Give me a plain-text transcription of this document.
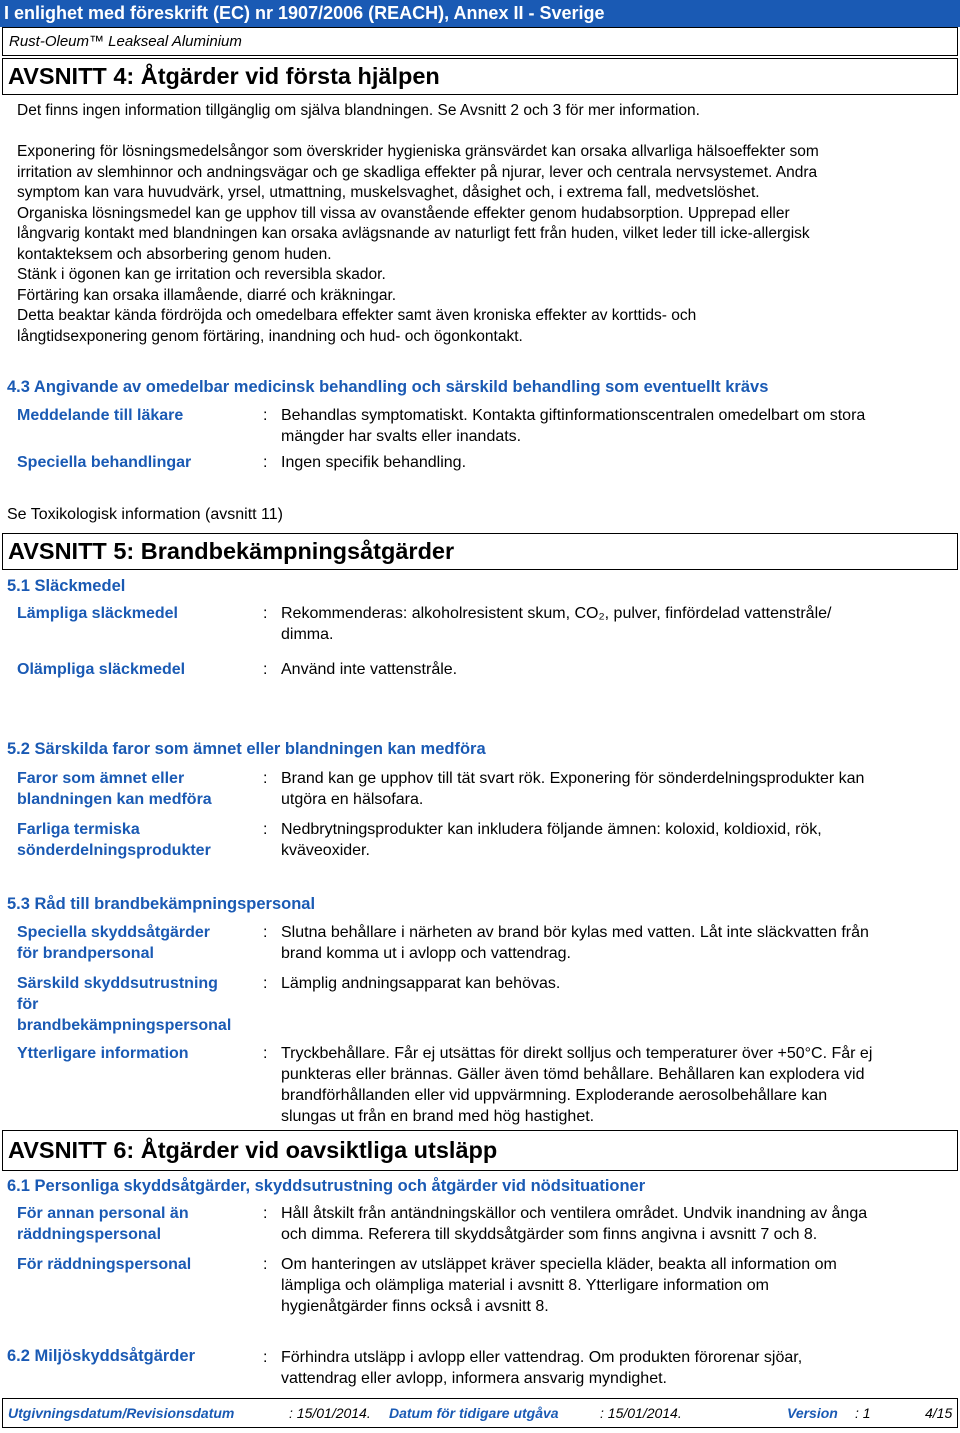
I enlighet med föreskrift (EC) nr 1907/2006 (REACH), Annex II - Sverige
Rust-Oleum™ Leakseal Aluminium
AVSNITT 4: Åtgärder vid första hjälpen
Det finns ingen information tillgänglig om själva blandningen. Se Avsnitt 2 och 3 för mer information.
Exponering för lösningsmedelsångor som överskrider hygieniska gränsvärdet kan orsaka allvarliga hälsoeffekter som
irritation av slemhinnor och andningsvägar och ge skadliga effekter på njurar, lever och centrala nervsystemet. Andra
symptom kan vara huvudvärk, yrsel, utmattning, muskelsvaghet, dåsighet och, i extrema fall, medvetslöshet.
Organiska lösningsmedel kan ge upphov till vissa av ovanstående effekter genom hudabsorption. Upprepad eller
långvarig kontakt med blandningen kan orsaka avlägsnande av naturligt fett från huden, vilket leder till icke-allergisk
kontakteksem och absorbering genom huden.
Stänk i ögonen kan ge irritation och reversibla skador.
Förtäring kan orsaka illamående, diarré och kräkningar.
Detta beaktar kända fördröjda och omedelbara effekter samt även kroniska effekter av korttids- och
långtidsexponering genom förtäring, inandning och hud- och ögonkontakt.
4.3 Angivande av omedelbar medicinsk behandling och särskild behandling som eventuellt krävs
Meddelande till läkare	: Behandlas symptomatiskt. Kontakta giftinformationscentralen omedelbart om stora
mängder har svalts eller inandats.
Speciella behandlingar	: Ingen specifik behandling.
Se Toxikologisk information (avsnitt 11)
AVSNITT 5: Brandbekämpningsåtgärder
5.1 Släckmedel
Lämpliga släckmedel	: Rekommenderas: alkoholresistent skum, CO₂, pulver, finfördelad vattenstråle/
dimma.
Olämpliga släckmedel	: Använd inte vattenstråle.
5.2 Särskilda faror som ämnet eller blandningen kan medföra
Faror som ämnet eller
blandningen kan medföra
: Brand kan ge upphov till tät svart rök. Exponering för sönderdelningsprodukter kan
utgöra en hälsofara.
Farliga termiska
sönderdelningsprodukter
: Nedbrytningsprodukter kan inkludera följande ämnen: koloxid, koldioxid, rök,
kväveoxider.
5.3 Råd till brandbekämpningspersonal
Speciella skyddsåtgärder
för brandpersonal
: Slutna behållare i närheten av brand bör kylas med vatten. Låt inte släckvatten från
brand komma ut i avlopp och vattendrag.
Särskild skyddsutrustning
för
brandbekämpningspersonal
: Lämplig andningsapparat kan behövas.
Ytterligare information	: Tryckbehållare. Får ej utsättas för direkt solljus och temperaturer över +50°C. Får ej
punkteras eller brännas. Gäller även tömd behållare. Behållaren kan explodera vid
brandförhållanden eller vid uppvärmning. Exploderande aerosolbehållare kan
slungas ut från en brand med hög hastighet.
AVSNITT 6: Åtgärder vid oavsiktliga utsläpp
6.1 Personliga skyddsåtgärder, skyddsutrustning och åtgärder vid nödsituationer
För annan personal än
räddningspersonal
: Håll åtskilt från antändningskällor och ventilera området. Undvik inandning av ånga
och dimma. Referera till skyddsåtgärder som finns angivna i avsnitt 7 och 8.
För räddningspersonal	: Om hanteringen av utsläppet kräver speciella kläder, beakta all information om
lämpliga och olämpliga material i avsnitt 8. Ytterligare information om
hygienåtgärder finns också i avsnitt 8.
6.2 Miljöskyddsåtgärder	: Förhindra utsläpp i avlopp eller vattendrag. Om produkten förorenar sjöar,
vattendrag eller avlopp, informera ansvarig myndighet.
Utgivningsdatum/Revisionsdatum	: 15/01/2014. Datum för tidigare utgåva	: 15/01/2014.	Version : 1	4/15
